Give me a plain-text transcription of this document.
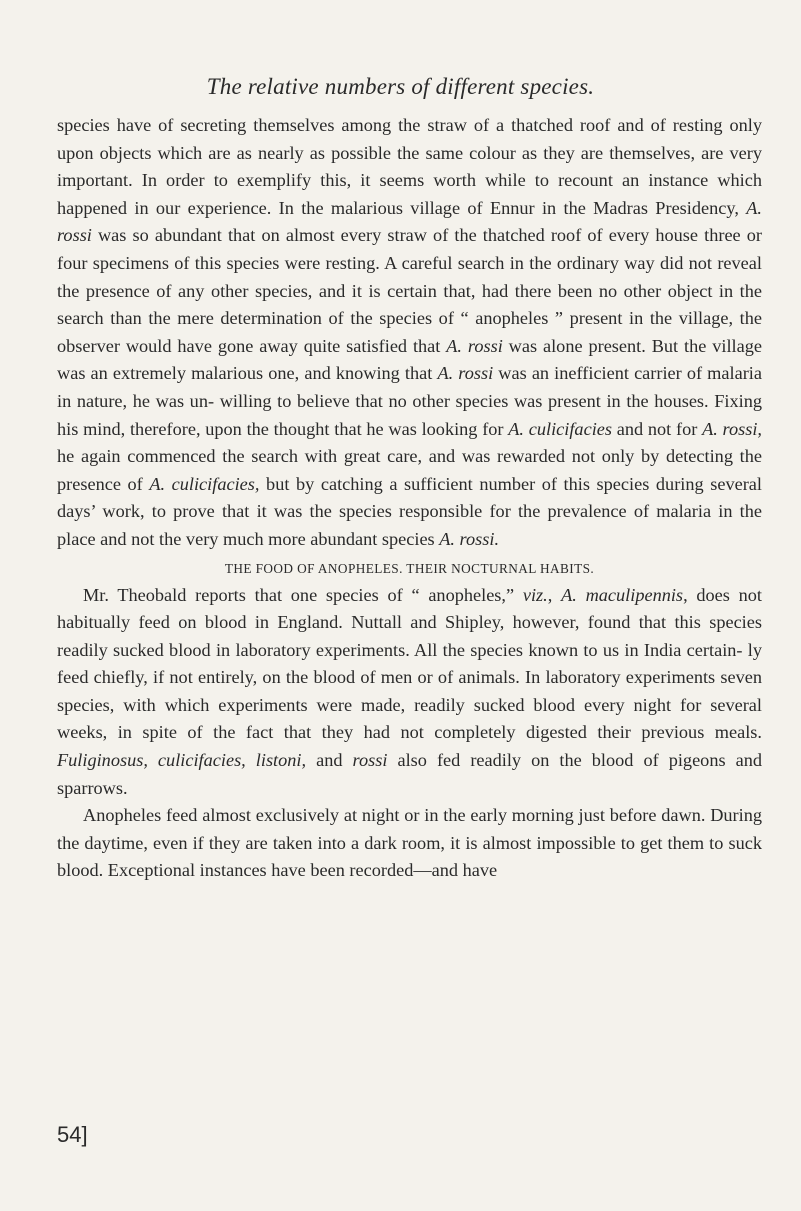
The relative numbers of different species.

species have of secreting themselves among the straw of a thatched roof and of resting only upon objects which are as nearly as possible the same colour as they are themselves, are very important. In order to exemplify this, it seems worth while to recount an instance which happened in our experience. In the malarious village of Ennur in the Madras Presidency, A. rossi was so abundant that on almost every straw of the thatched roof of every house three or four specimens of this species were resting. A careful search in the ordinary way did not reveal the presence of any other species, and it is certain that, had there been no other object in the search than the mere determination of the species of “ anopheles ” present in the village, the observer would have gone away quite satisfied that A. rossi was alone present. But the village was an extremely malarious one, and knowing that A. rossi was an inefficient carrier of malaria in nature, he was un- willing to believe that no other species was present in the houses. Fixing his mind, therefore, upon the thought that he was looking for A. culicifacies and not for A. rossi, he again commenced the search with great care, and was rewarded not only by detecting the presence of A. culicifacies, but by catching a sufficient number of this species during several days’ work, to prove that it was the species responsible for the prevalence of malaria in the place and not the very much more abundant species A. rossi.

THE FOOD OF ANOPHELES. THEIR NOCTURNAL HABITS.

Mr. Theobald reports that one species of “ anopheles,” viz., A. maculipennis, does not habitually feed on blood in England. Nuttall and Shipley, however, found that this species readily sucked blood in laboratory experiments. All the species known to us in India certain- ly feed chiefly, if not entirely, on the blood of men or of animals. In laboratory experiments seven species, with which experiments were made, readily sucked blood every night for several weeks, in spite of the fact that they had not completely digested their previous meals. Fuliginosus, culicifacies, listoni, and rossi also fed readily on the blood of pigeons and sparrows.

Anopheles feed almost exclusively at night or in the early morning just before dawn. During the daytime, even if they are taken into a dark room, it is almost impossible to get them to suck blood. Exceptional instances have been recorded—and have

54]
